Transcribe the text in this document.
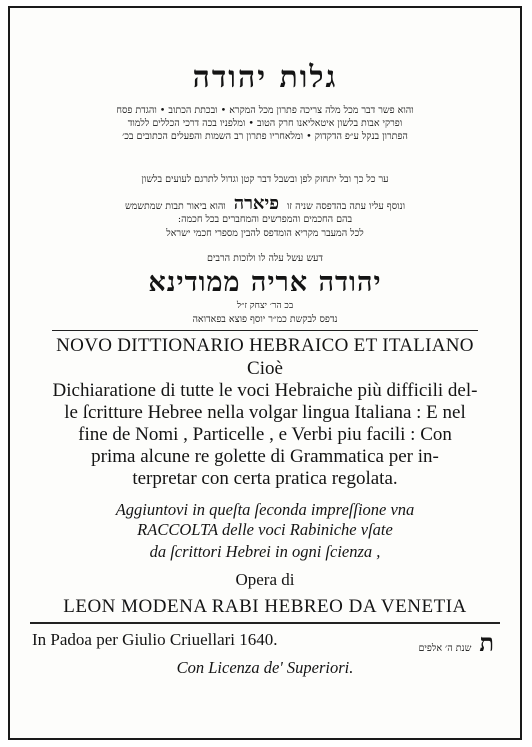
גלות יהודה
והוא פשר דבר מכל מלה צריכה פתרון מכל המקרא • ובכתת הכתוב • והגדת פסח
ופרקי אבות בלשון איטאליאנו חרק הטוב • ומלפניו בכה דרכי הכללים ללמוד
הפתרון בנקל ע״פ הדקדוק • ומלאחריו פתרון רב השמות והפעלים הכתובים בכ׳
ער כל כך ובל יתחזק לפן ובשבל דבר קטן וגדול לתרגם לעועים בלשון
ונוסף עליו עתה בהדפסה שניה זו
פיארה
והוא ביאור תבות שמתשמש
בהם החכמים והמפרשים והמחברים בכל חכמה:
לכל המעבר מקריא הומדפס להבין מספרי חכמי ישראל
דעש עשל עלה לו ולזכות הרבים
יהודה אריה ממודינא
בכ הר׳ יצחק ז״ל
נדפס לבקשת כמ״ר יוסף פוצא בפאדואה
NOVO DITTIONARIO HEBRAICO ET ITALIANO
Cioè
Dichiaratione di tutte le voci Hebraiche più difficili del-
le ſcritture Hebree nella volgar lingua Italiana : E nel
fine de Nomi , Particelle , e Verbi piu facili : Con
prima alcune re golette di Grammatica per in-
terpretar con certa pratica regolata.
Aggiuntovi in queſta ſeconda impreſſione vna
RACCOLTA delle voci Rabiniche vſate
da ſcrittori Hebrei in ogni ſcienza ,
Opera di
LEON MODENA RABI HEBREO DA VENETIA
In Padoa per Giulio Criuellari 1640.	ת
שנת ה׳ אלפים
Con Licenza de' Superiori.
